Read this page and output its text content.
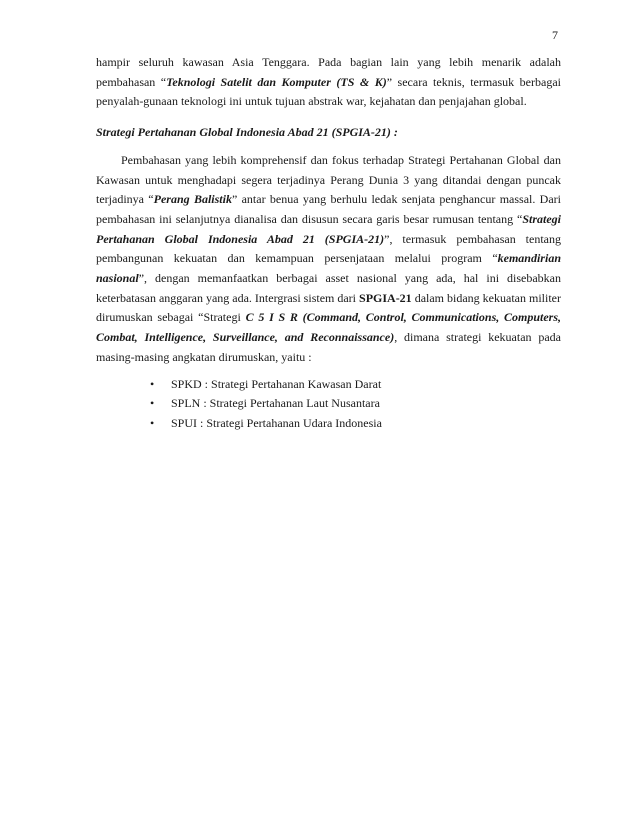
7

hampir seluruh kawasan Asia Tenggara. Pada bagian lain yang lebih menarik adalah pembahasan “Teknologi Satelit dan Komputer (TS & K)” secara teknis, termasuk berbagai penyalah-gunaan teknologi ini untuk tujuan abstrak war, kejahatan dan penjajahan global.

Strategi Pertahanan Global Indonesia Abad 21 (SPGIA-21) :

Pembahasan yang lebih komprehensif dan fokus terhadap Strategi Pertahanan Global dan Kawasan untuk menghadapi segera terjadinya Perang Dunia 3 yang ditandai dengan puncak terjadinya “Perang Balistik” antar benua yang berhulu ledak senjata penghancur massal. Dari pembahasan ini selanjutnya dianalisa dan disusun secara garis besar rumusan tentang “Strategi Pertahanan Global Indonesia Abad 21 (SPGIA-21)”, termasuk pembahasan tentang pembangunan kekuatan dan kemampuan persenjataan melalui program “kemandirian nasional”, dengan memanfaatkan berbagai asset nasional yang ada, hal ini disebabkan keterbatasan anggaran yang ada. Intergrasi sistem dari SPGIA-21 dalam bidang kekuatan militer dirumuskan sebagai “Strategi C 5 I S R (Command, Control, Communications, Computers, Combat, Intelligence, Surveillance, and Reconnaissance), dimana strategi kekuatan pada masing-masing angkatan dirumuskan, yaitu :

• SPKD : Strategi Pertahanan Kawasan Darat
• SPLN : Strategi Pertahanan Laut Nusantara
• SPUI : Strategi Pertahanan Udara Indonesia
